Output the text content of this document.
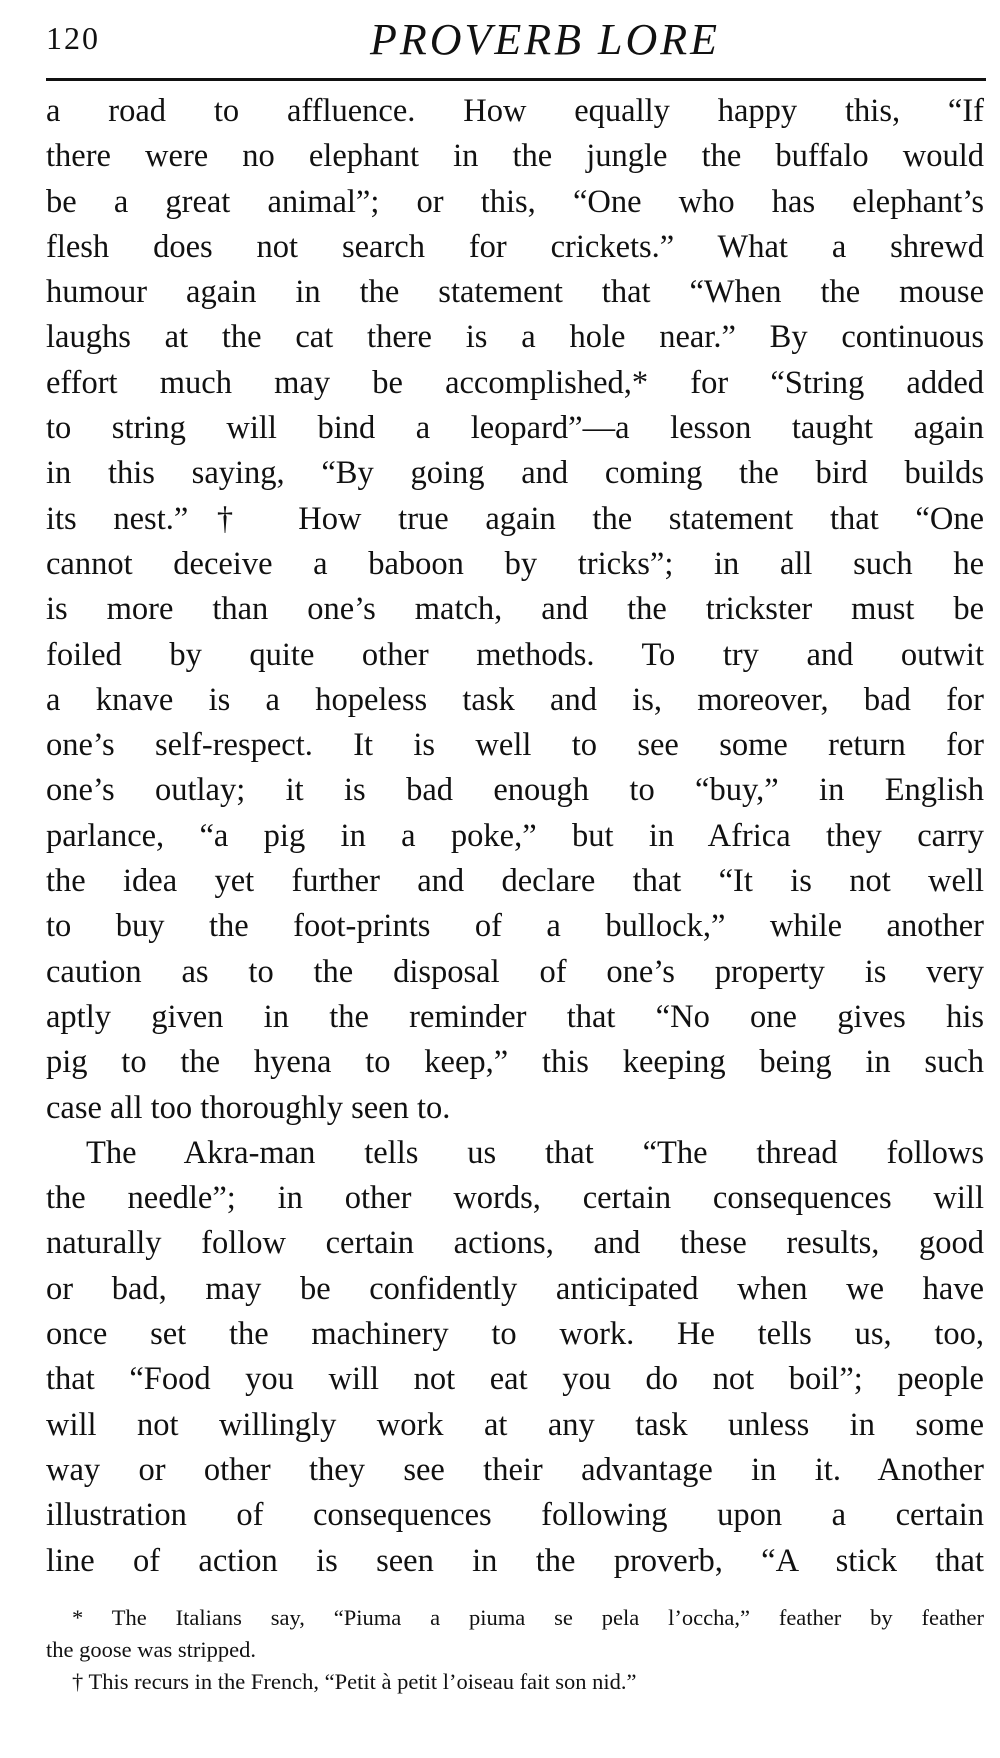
120	PROVERB LORE
a road to affluence. How equally happy this, “If
there were no elephant in the jungle the buffalo would
be a great animal”; or this, “One who has elephant’s
flesh does not search for crickets.” What a shrewd
humour again in the statement that “When the mouse
laughs at the cat there is a hole near.” By continuous
effort much may be accomplished,* for “String added
to string will bind a leopard”—a lesson taught again
in this saying, “By going and coming the bird builds
its nest.”† How true again the statement that “One
cannot deceive a baboon by tricks”; in all such he
is more than one’s match, and the trickster must be
foiled by quite other methods. To try and outwit
a knave is a hopeless task and is, moreover, bad for
one’s self-respect. It is well to see some return for
one’s outlay; it is bad enough to “buy,” in English
parlance, “a pig in a poke,” but in Africa they carry
the idea yet further and declare that “It is not well
to buy the foot-prints of a bullock,” while another
caution as to the disposal of one’s property is very
aptly given in the reminder that “No one gives his
pig to the hyena to keep,” this keeping being in such
case all too thoroughly seen to.
The Akra-man tells us that “The thread follows
the needle”; in other words, certain consequences will
naturally follow certain actions, and these results, good
or bad, may be confidently anticipated when we have
once set the machinery to work. He tells us, too,
that “Food you will not eat you do not boil”; people
will not willingly work at any task unless in some
way or other they see their advantage in it. Another
illustration of consequences following upon a certain
line of action is seen in the proverb, “A stick that
* The Italians say, “Piuma a piuma se pela l’occha,” feather by feather
the goose was stripped.
† This recurs in the French, “Petit à petit l’oiseau fait son nid.”
